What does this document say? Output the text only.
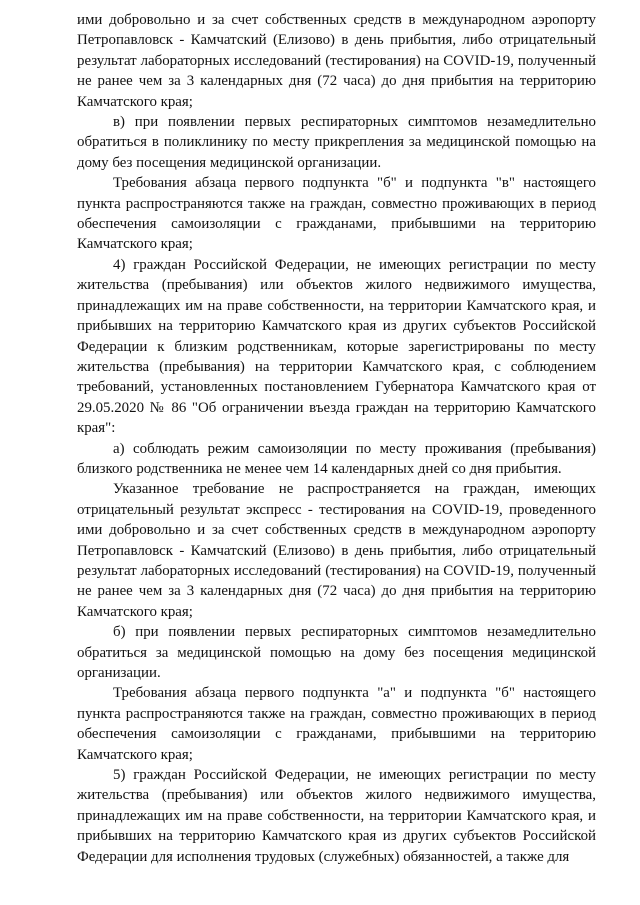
ими добровольно и за счет собственных средств в международном аэропорту Петропавловск - Камчатский (Елизово) в день прибытия, либо отрицательный результат лабораторных исследований (тестирования) на COVID-19, полученный не ранее чем за 3 календарных дня (72 часа) до дня прибытия на территорию Камчатского края;

в) при появлении первых респираторных симптомов незамедлительно обратиться в поликлинику по месту прикрепления за медицинской помощью на дому без посещения медицинской организации.

Требования абзаца первого подпункта "б" и подпункта "в" настоящего пункта распространяются также на граждан, совместно проживающих в период обеспечения самоизоляции с гражданами, прибывшими на территорию Камчатского края;

4) граждан Российской Федерации, не имеющих регистрации по месту жительства (пребывания) или объектов жилого недвижимого имущества, принадлежащих им на праве собственности, на территории Камчатского края, и прибывших на территорию Камчатского края из других субъектов Российской Федерации к близким родственникам, которые зарегистрированы по месту жительства (пребывания) на территории Камчатского края, с соблюдением требований, установленных постановлением Губернатора Камчатского края от 29.05.2020 № 86 "Об ограничении въезда граждан на территорию Камчатского края":

а) соблюдать режим самоизоляции по месту проживания (пребывания) близкого родственника не менее чем 14 календарных дней со дня прибытия.

Указанное требование не распространяется на граждан, имеющих отрицательный результат экспресс - тестирования на COVID-19, проведенного ими добровольно и за счет собственных средств в международном аэропорту Петропавловск - Камчатский (Елизово) в день прибытия, либо отрицательный результат лабораторных исследований (тестирования) на COVID-19, полученный не ранее чем за 3 календарных дня (72 часа) до дня прибытия на территорию Камчатского края;

б) при появлении первых респираторных симптомов незамедлительно обратиться за медицинской помощью на дому без посещения медицинской организации.

Требования абзаца первого подпункта "а" и подпункта "б" настоящего пункта распространяются также на граждан, совместно проживающих в период обеспечения самоизоляции с гражданами, прибывшими на территорию Камчатского края;

5) граждан Российской Федерации, не имеющих регистрации по месту жительства (пребывания) или объектов жилого недвижимого имущества, принадлежащих им на праве собственности, на территории Камчатского края, и прибывших на территорию Камчатского края из других субъектов Российской Федерации для исполнения трудовых (служебных) обязанностей, а также для
